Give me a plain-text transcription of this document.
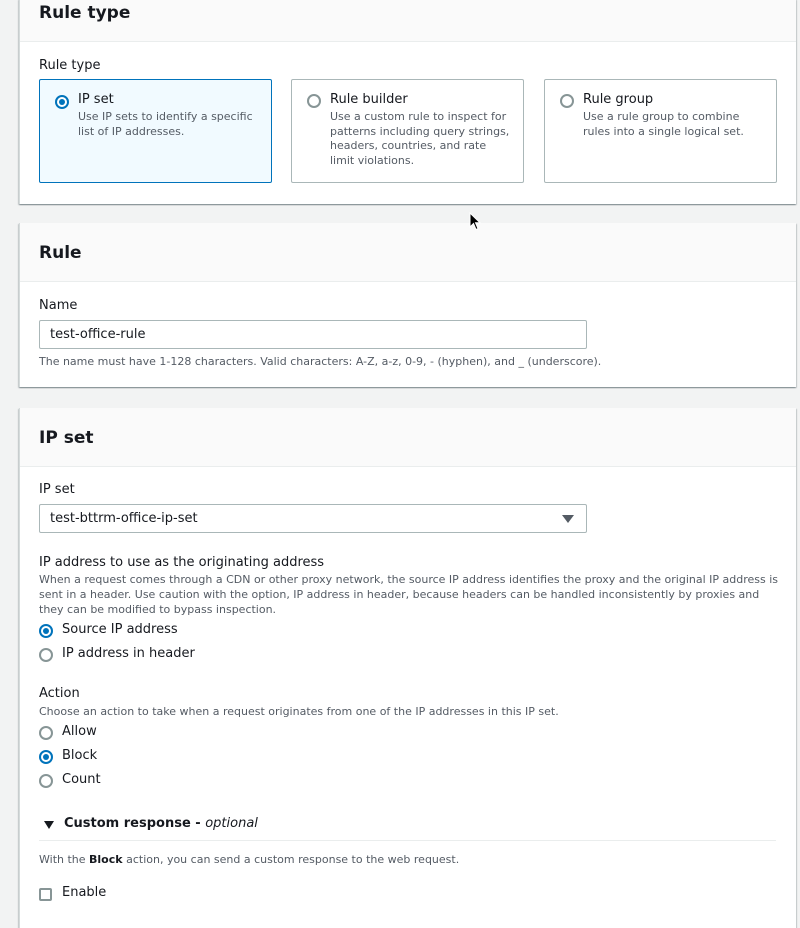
Rule type
Rule type
IP set
Use IP sets to identify a specific list of IP addresses.
Rule builder
Use a custom rule to inspect for patterns including query strings, headers, countries, and rate limit violations.
Rule group
Use a rule group to combine rules into a single logical set.
Rule
Name
test-office-rule
The name must have 1-128 characters. Valid characters: A-Z, a-z, 0-9, - (hyphen), and _ (underscore).
IP set
IP set
test-bttrm-office-ip-set
IP address to use as the originating address
When a request comes through a CDN or other proxy network, the source IP address identifies the proxy and the original IP address is sent in a header. Use caution with the option, IP address in header, because headers can be handled inconsistently by proxies and they can be modified to bypass inspection.
Source IP address
IP address in header
Action
Choose an action to take when a request originates from one of the IP addresses in this IP set.
Allow
Block
Count
Custom response - optional
With the Block action, you can send a custom response to the web request.
Enable
